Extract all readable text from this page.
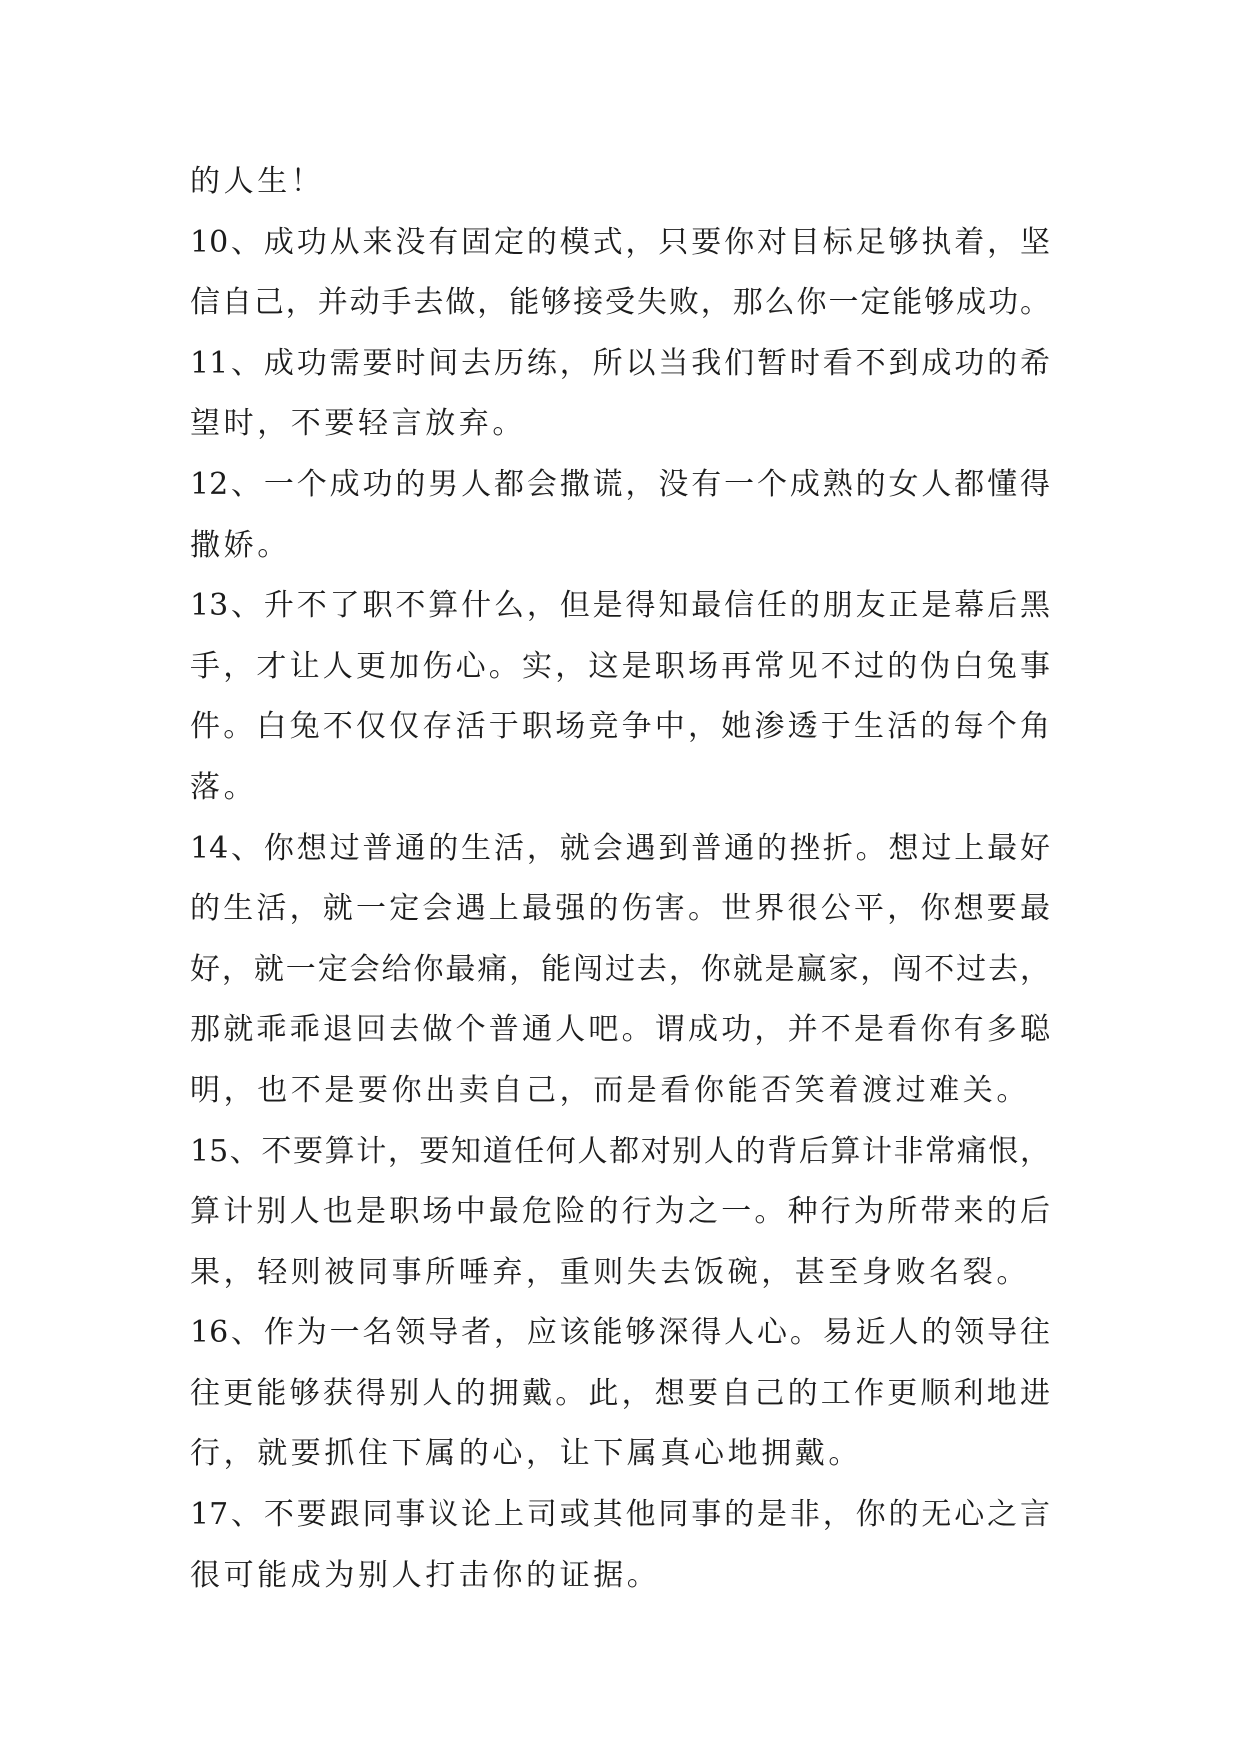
的人生！
10、成功从来没有固定的模式，只要你对目标足够执着，坚
信自己，并动手去做，能够接受失败，那么你一定能够成功。
11、成功需要时间去历练，所以当我们暂时看不到成功的希
望时，不要轻言放弃。
12、一个成功的男人都会撒谎，没有一个成熟的女人都懂得
撒娇。
13、升不了职不算什么，但是得知最信任的朋友正是幕后黑
手，才让人更加伤心。实，这是职场再常见不过的伪白兔事
件。白兔不仅仅存活于职场竞争中，她渗透于生活的每个角
落。
14、你想过普通的生活，就会遇到普通的挫折。想过上最好
的生活，就一定会遇上最强的伤害。世界很公平，你想要最
好，就一定会给你最痛，能闯过去，你就是赢家，闯不过去，
那就乖乖退回去做个普通人吧。谓成功，并不是看你有多聪
明，也不是要你出卖自己，而是看你能否笑着渡过难关。
15、不要算计，要知道任何人都对别人的背后算计非常痛恨，
算计别人也是职场中最危险的行为之一。种行为所带来的后
果，轻则被同事所唾弃，重则失去饭碗，甚至身败名裂。
16、作为一名领导者，应该能够深得人心。易近人的领导往
往更能够获得别人的拥戴。此，想要自己的工作更顺利地进
行，就要抓住下属的心，让下属真心地拥戴。
17、不要跟同事议论上司或其他同事的是非，你的无心之言
很可能成为别人打击你的证据。
